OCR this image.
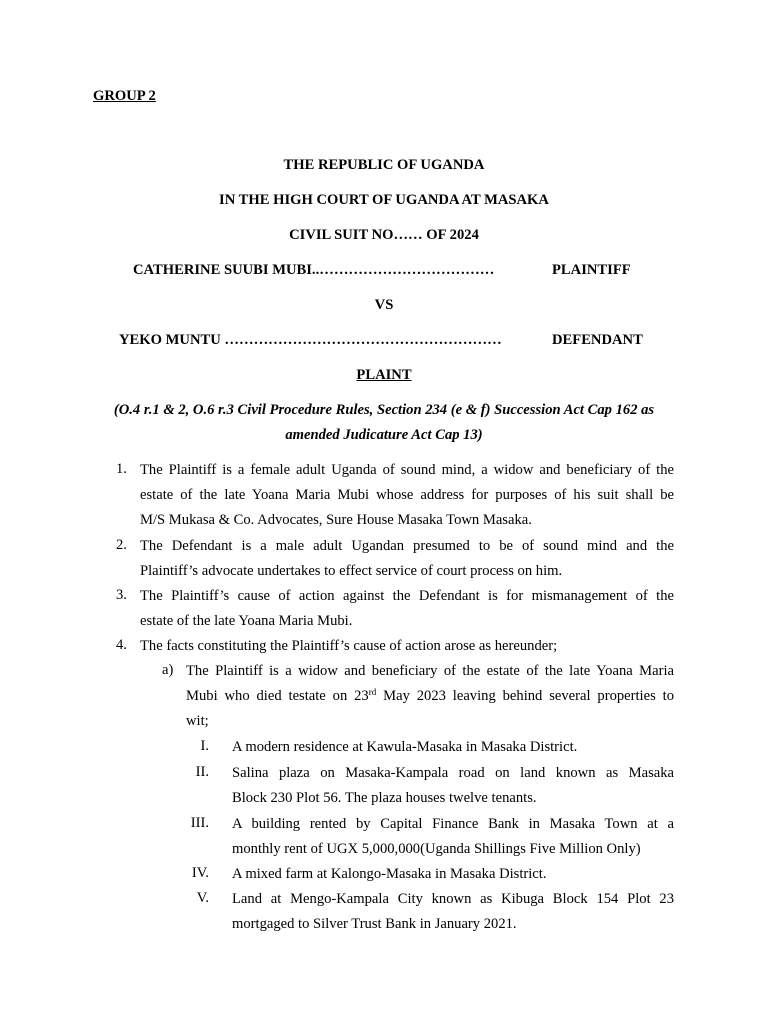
GROUP 2
THE REPUBLIC OF UGANDA
IN THE HIGH COURT OF UGANDA AT MASAKA
CIVIL SUIT NO…… OF 2024
CATHERINE SUUBI MUBI..………………………………	PLAINTIFF
VS
YEKO MUNTU …………………………………………………	DEFENDANT
PLAINT
(O.4 r.1 & 2, O.6 r.3 Civil Procedure Rules, Section 234 (e & f) Succession Act Cap 162 as
amended Judicature Act Cap 13)
1. The Plaintiff is a female adult Uganda of sound mind, a widow and beneficiary of the
estate of the late Yoana Maria Mubi whose address for purposes of his suit shall be
M/S Mukasa & Co. Advocates, Sure House Masaka Town Masaka.
2. The Defendant is a male adult Ugandan presumed to be of sound mind and the
Plaintiff’s advocate undertakes to effect service of court process on him.
3. The Plaintiff’s cause of action against the Defendant is for mismanagement of the
estate of the late Yoana Maria Mubi.
4. The facts constituting the Plaintiff’s cause of action arose as hereunder;
a) The Plaintiff is a widow and beneficiary of the estate of the late Yoana Maria
Mubi who died testate on 23rd May 2023 leaving behind several properties to
wit;
I. A modern residence at Kawula-Masaka in Masaka District.
II. Salina plaza on Masaka-Kampala road on land known as Masaka
Block 230 Plot 56. The plaza houses twelve tenants.
III. A building rented by Capital Finance Bank in Masaka Town at a
monthly rent of UGX 5,000,000(Uganda Shillings Five Million Only)
IV. A mixed farm at Kalongo-Masaka in Masaka District.
V. Land at Mengo-Kampala City known as Kibuga Block 154 Plot 23
mortgaged to Silver Trust Bank in January 2021.
